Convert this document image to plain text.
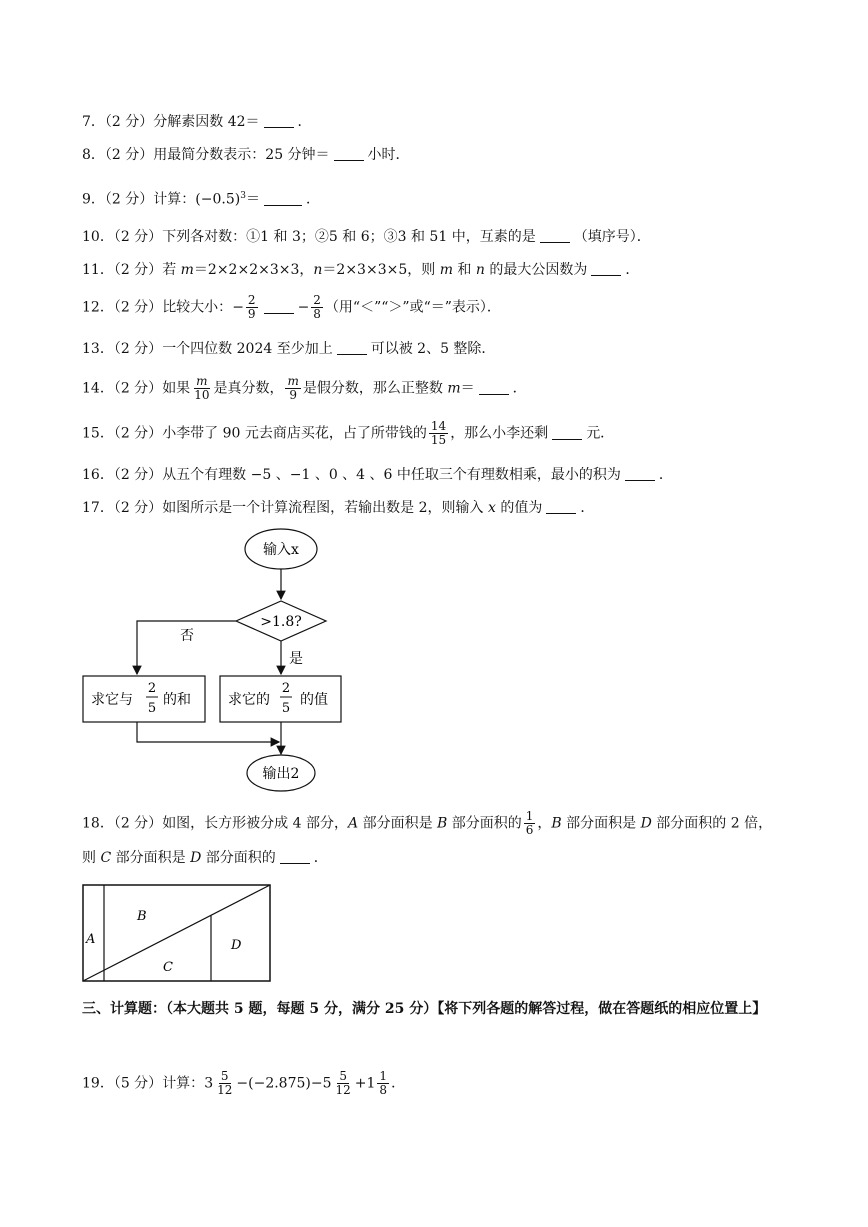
7．（2 分）分解素因数 42＝	．
8．（2 分）用最简分数表示：25 分钟＝	小时．
9．（2 分）计算：$(-0.5)^3=$	．
10．（2 分）下列各对数：①1 和 3；②5 和 6；③3 和 51 中，互素的是	（填序号）．
11．（2 分）若 m＝2×2×2×3×3，n＝2×3×3×5，则 m 和 n 的最大公因数为	．
12．（2 分）比较大小：− $\frac{2}{9}$	− $\frac{2}{8}$ （用“＜”“＞”或“＝”表示）．
13．（2 分）一个四位数 2024 至少加上	可以被 2、5 整除．
14．（2 分）如果 $\frac{m}{10}$ 是真分数， $\frac{m}{9}$ 是假分数，那么正整数 m＝	．
15．（2 分）小李带了 90 元去商店买花，占了所带钱的 $\frac{14}{15}$ ，那么小李还剩	元．
16．（2 分）从五个有理数 −5 、−1 、0 、4 、6 中任取三个有理数相乘，最小的积为	．
17．（2 分）如图所示是一个计算流程图，若输出数是 2，则输入 x 的值为	．
输入x
>1.8?
否
是
求它与
2
5
的和	求它的
2
5
的值
输出2
18．（2 分）如图，长方形被分成 4 部分，A 部分面积是 B 部分面积的 $\frac{1}{6}$ ，B 部分面积是 D 部分面积的 2 倍，
则 C 部分面积是 D 部分面积的	．
A
B
C
D
三、计算题：（本大题共 5 题，每题 5 分，满分 25 分）【将下列各题的解答过程，做在答题纸的相应位置上】
19．（5 分）计算：$3 \frac{5}{12} -(-2.875)-5 \frac{5}{12} +1 \frac{1}{8}$ ．
